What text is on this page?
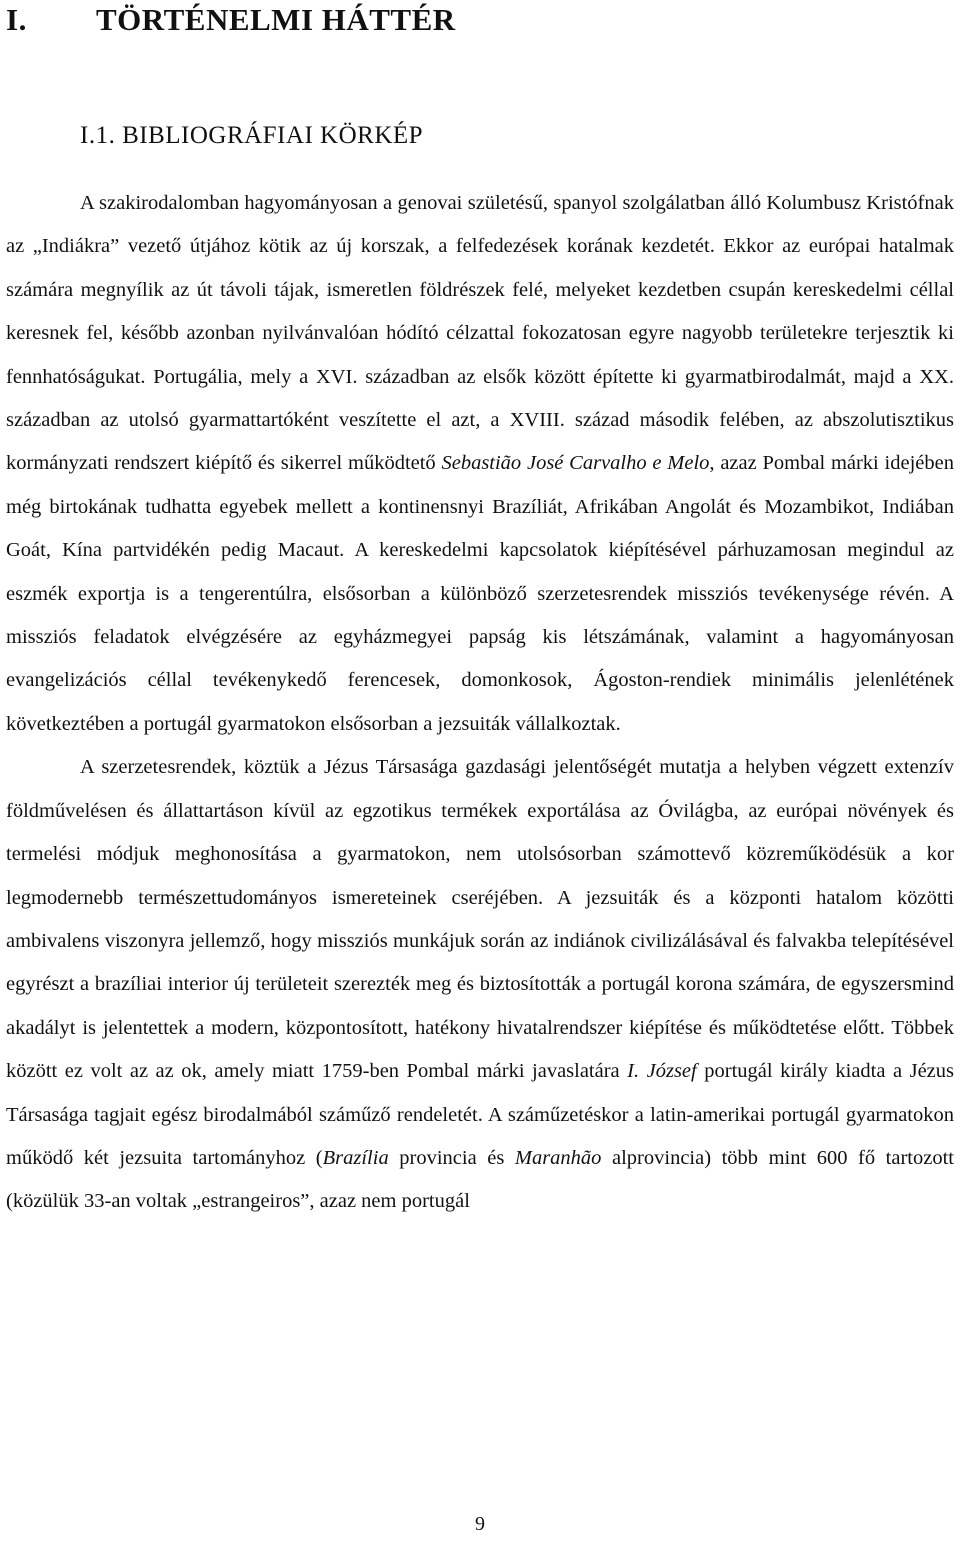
I. TÖRTÉNELMI HÁTTÉR
I.1. BIBLIOGRÁFIAI KÖRKÉP

A szakirodalomban hagyományosan a genovai születésű, spanyol szolgálatban álló Kolumbusz Kristófnak az „Indiákra” vezető útjához kötik az új korszak, a felfedezések korának kezdetét. Ekkor az európai hatalmak számára megnyílik az út távoli tájak, ismeretlen földrészek felé, melyeket kezdetben csupán kereskedelmi céllal keresnek fel, később azonban nyilvánvalóan hódító célzattal fokozatosan egyre nagyobb területekre terjesztik ki fennhatóságukat. Portugália, mely a XVI. században az elsők között építette ki gyarmatbirodalmát, majd a XX. században az utolsó gyarmattartóként veszítette el azt, a XVIII. század második felében, az abszolutisztikus kormányzati rendszert kiépítő és sikerrel működtető Sebastião José Carvalho e Melo, azaz Pombal márki idejében még birtokának tudhatta egyebek mellett a kontinensnyi Brazíliát, Afrikában Angolát és Mozambikot, Indiában Goát, Kína partvidékén pedig Macaut. A kereskedelmi kapcsolatok kiépítésével párhuzamosan megindul az eszmék exportja is a tengerentúlra, elsősorban a különböző szerzetesrendek missziós tevékenysége révén. A missziós feladatok elvégzésére az egyházmegyei papság kis létszámának, valamint a hagyományosan evangelizációs céllal tevékenykedő ferencesek, domonkosok, Ágoston-rendiek minimális jelenlétének következtében a portugál gyarmatokon elsősorban a jezsuiták vállalkoztak.

A szerzetesrendek, köztük a Jézus Társasága gazdasági jelentőségét mutatja a helyben végzett extenzív földművelésen és állattartáson kívül az egzotikus termékek exportálása az Óvilágba, az európai növények és termelési módjuk meghonosítása a gyarmatokon, nem utolsósorban számottevő közreműködésük a kor legmodernebb természettudományos ismereteinek cseréjében. A jezsuiták és a központi hatalom közötti ambivalens viszonyra jellemző, hogy missziós munkájuk során az indiánok civilizálásával és falvakba telepítésével egyrészt a brazíliai interior új területeit szerezték meg és biztosították a portugál korona számára, de egyszersmind akadályt is jelentettek a modern, központosított, hatékony hivatalrendszer kiépítése és működtetése előtt. Többek között ez volt az az ok, amely miatt 1759-ben Pombal márki javaslatára I. József portugál király kiadta a Jézus Társasága tagjait egész birodalmából száműző rendeletét. A száműzetéskor a latin-amerikai portugál gyarmatokon működő két jezsuita tartományhoz (Brazília provincia és Maranhão alprovincia) több mint 600 fő tartozott (közülük 33-an voltak „estrangeiros”, azaz nem portugál

9
